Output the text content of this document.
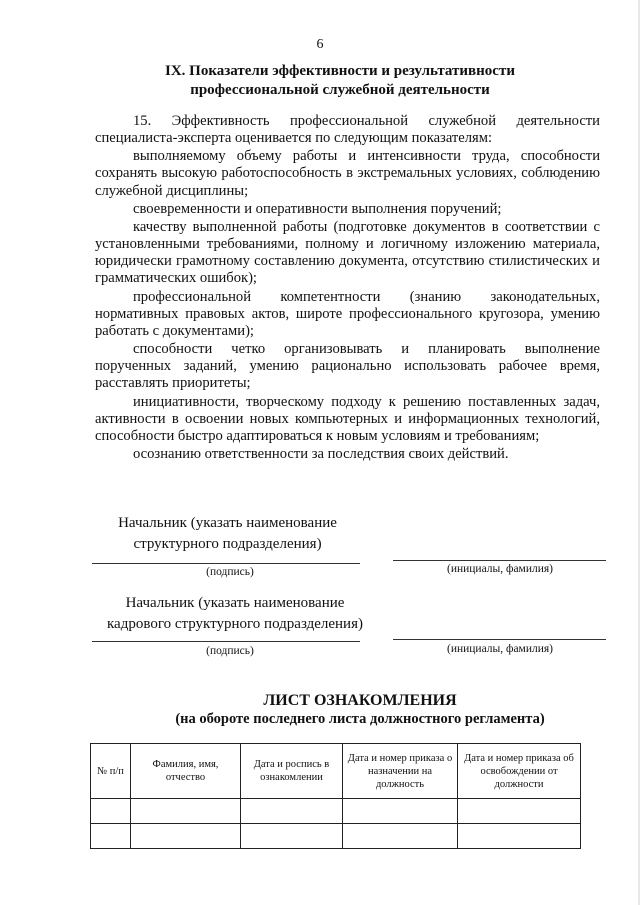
6
IX. Показатели эффективности и результативности
профессиональной служебной деятельности

15. Эффективность профессиональной служебной деятельности специалиста-эксперта оценивается по следующим показателям:

выполняемому объему работы и интенсивности труда, способности сохранять высокую работоспособность в экстремальных условиях, соблюдению служебной дисциплины;

своевременности и оперативности выполнения поручений;

качеству выполненной работы (подготовке документов в соответствии с установленными требованиями, полному и логичному изложению материала, юридически грамотному составлению документа, отсутствию стилистических и грамматических ошибок);

профессиональной компетентности (знанию законодательных, нормативных правовых актов, широте профессионального кругозора, умению работать с документами);

способности четко организовывать и планировать выполнение порученных заданий, умению рационально использовать рабочее время, расставлять приоритеты;

инициативности, творческому подходу к решению поставленных задач, активности в освоении новых компьютерных и информационных технологий, способности быстро адаптироваться к новым условиям и требованиям;

осознанию ответственности за последствия своих действий.

Начальник (указать наименование
структурного подразделения)
(подпись)	(инициалы, фамилия)
Начальник (указать наименование
кадрового структурного подразделения)
(подпись)	(инициалы, фамилия)
ЛИСТ ОЗНАКОМЛЕНИЯ
(на обороте последнего листа должностного регламента)
№ п/п	Фамилия, имя, отчество	Дата и роспись в ознакомлении	Дата и номер приказа о назначении на должность	Дата и номер приказа об освобождении от должности
